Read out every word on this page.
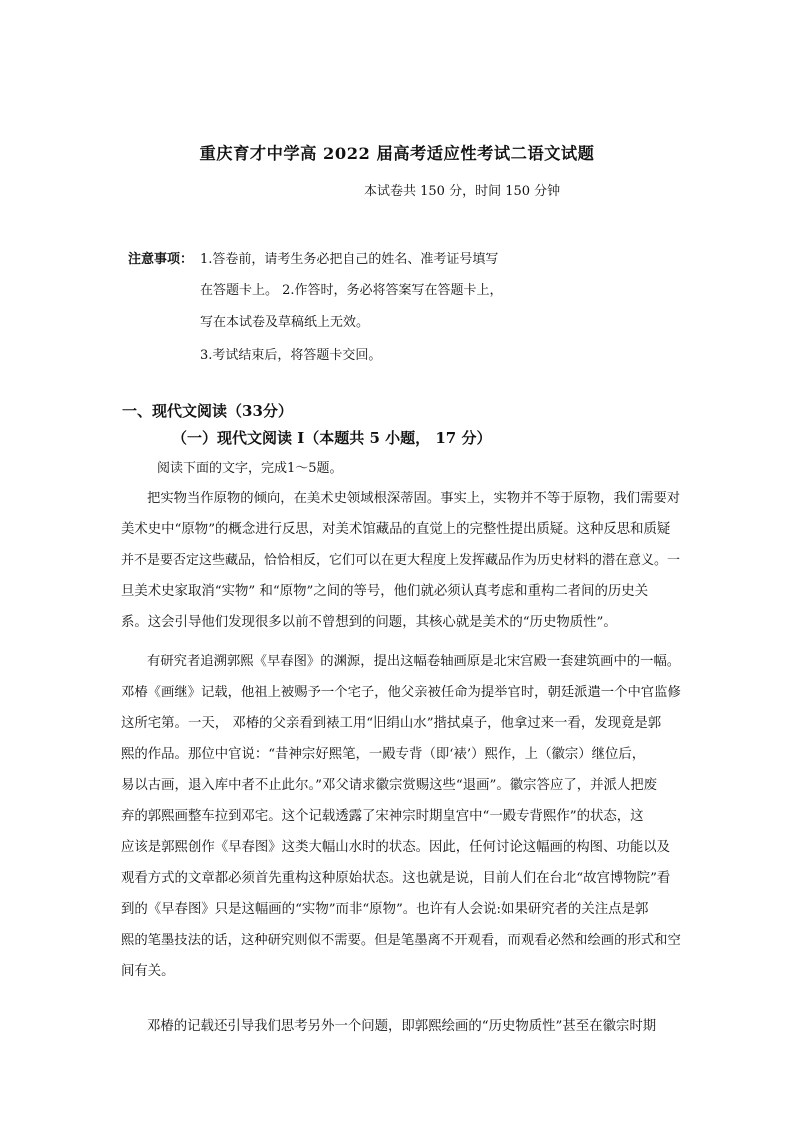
重庆育才中学高 2022 届高考适应性考试二语文试题
本试卷共 150 分，时间 150 分钟
注意事项： 1.答卷前，请考生务必把自己的姓名、准考证号填写
在答题卡上。 2.作答时，务必将答案写在答题卡上，
写在本试卷及草稿纸上无效。
3.考试结束后，将答题卡交回。
一、现代文阅读（33分）
（一）现代文阅读 I（本题共 5 小题， 17 分）
阅读下面的文字，完成1～5题。
把实物当作原物的倾向，在美术史领域根深蒂固。事实上，实物并不等于原物，我们需要对
美术史中“原物”的概念进行反思，对美术馆藏品的直觉上的完整性提出质疑。这种反思和质疑
并不是要否定这些藏品，恰恰相反，它们可以在更大程度上发挥藏品作为历史材料的潜在意义。一
旦美术史家取消“实物” 和“原物”之间的等号，他们就必须认真考虑和重构二者间的历史关
系。这会引导他们发现很多以前不曾想到的问题，其核心就是美术的“历史物质性”。
有研究者追溯郭熙《早春图》的渊源，提出这幅卷轴画原是北宋宫殿一套建筑画中的一幅。
邓椿《画继》记载，他祖上被赐予一个宅子，他父亲被任命为提举官时，朝廷派遣一个中官监修
这所宅第。一天， 邓椿的父亲看到裱工用“旧绢山水”揩拭桌子，他拿过来一看，发现竟是郭
熙的作品。那位中官说：“昔神宗好熙笔，一殿专背（即‘裱’）熙作，上（徽宗）继位后，
易以古画，退入库中者不止此尔。”邓父请求徽宗赏赐这些“退画”。徽宗答应了，并派人把废
弃的郭熙画整车拉到邓宅。这个记载透露了宋神宗时期皇宫中“一殿专背熙作”的状态，这
应该是郭熙创作《早春图》这类大幅山水时的状态。因此，任何讨论这幅画的构图、功能以及
观看方式的文章都必须首先重构这种原始状态。这也就是说，目前人们在台北“故宫博物院”看
到的《早春图》只是这幅画的“实物”而非“原物”。也许有人会说:如果研究者的关注点是郭
熙的笔墨技法的话，这种研究则似不需要。但是笔墨离不开观看，而观看必然和绘画的形式和空
间有关。
邓椿的记载还引导我们思考另外一个问题，即郭熙绘画的“历史物质性”甚至在徽宗时期
